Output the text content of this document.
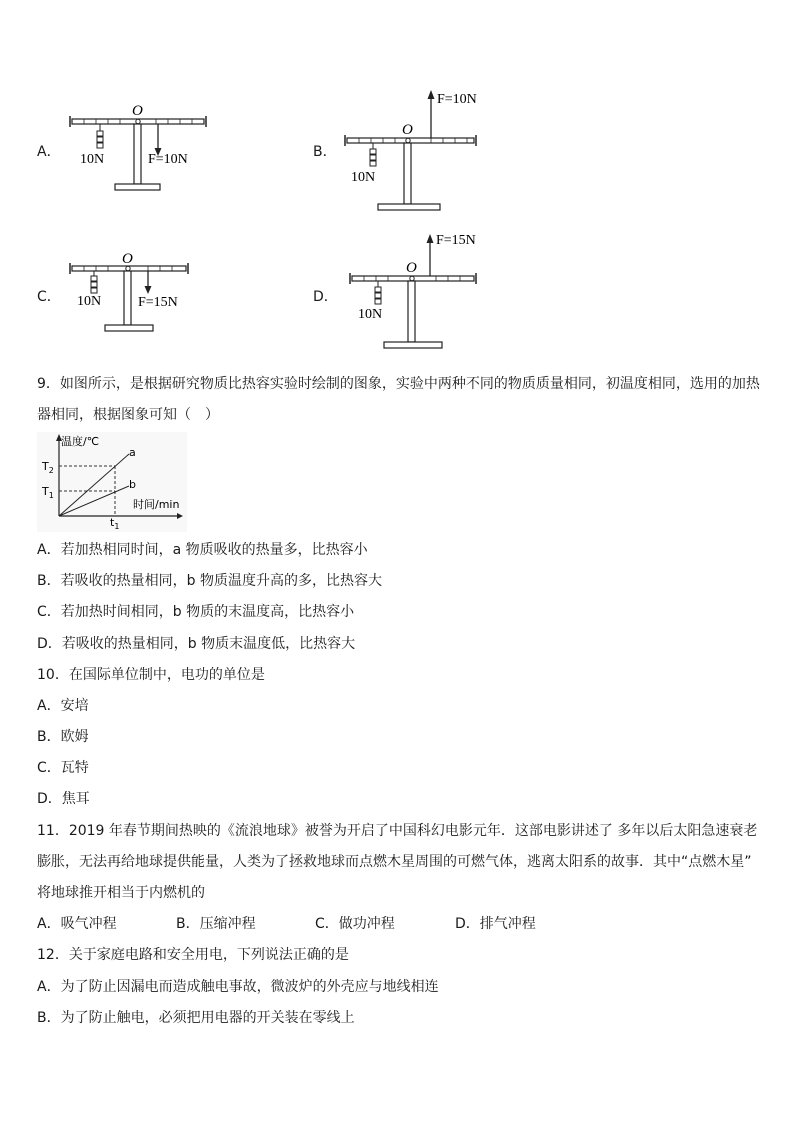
A．	B．
C．	D．
O
10N	F=10N
O
10N
F=10N
O
10N	F=15N
O
10N
F=15N
9．如图所示，是根据研究物质比热容实验时绘制的图象，实验中两种不同的物质质量相同，初温度相同，选用的加热
器相同，根据图象可知（　）
温度/℃
时间/min
a
b
$T_2$
$T_1$
$t_1$
A．若加热相同时间，a 物质吸收的热量多，比热容小
B．若吸收的热量相同，b 物质温度升高的多，比热容大
C．若加热时间相同，b 物质的末温度高，比热容小
D．若吸收的热量相同，b 物质末温度低，比热容大
10．在国际单位制中，电功的单位是
A．安培
B．欧姆
C．瓦特
D．焦耳
11．2019 年春节期间热映的《流浪地球》被誉为开启了中国科幻电影元年．这部电影讲述了 多年以后太阳急速衰老
膨胀，无法再给地球提供能量，人类为了拯救地球而点燃木星周围的可燃气体，逃离太阳系的故事．其中“点燃木星”
将地球推开相当于内燃机的
A．吸气冲程	B．压缩冲程	C．做功冲程	D．排气冲程
12．关于家庭电路和安全用电，下列说法正确的是
A．为了防止因漏电而造成触电事故，微波炉的外壳应与地线相连
B．为了防止触电，必须把用电器的开关装在零线上
